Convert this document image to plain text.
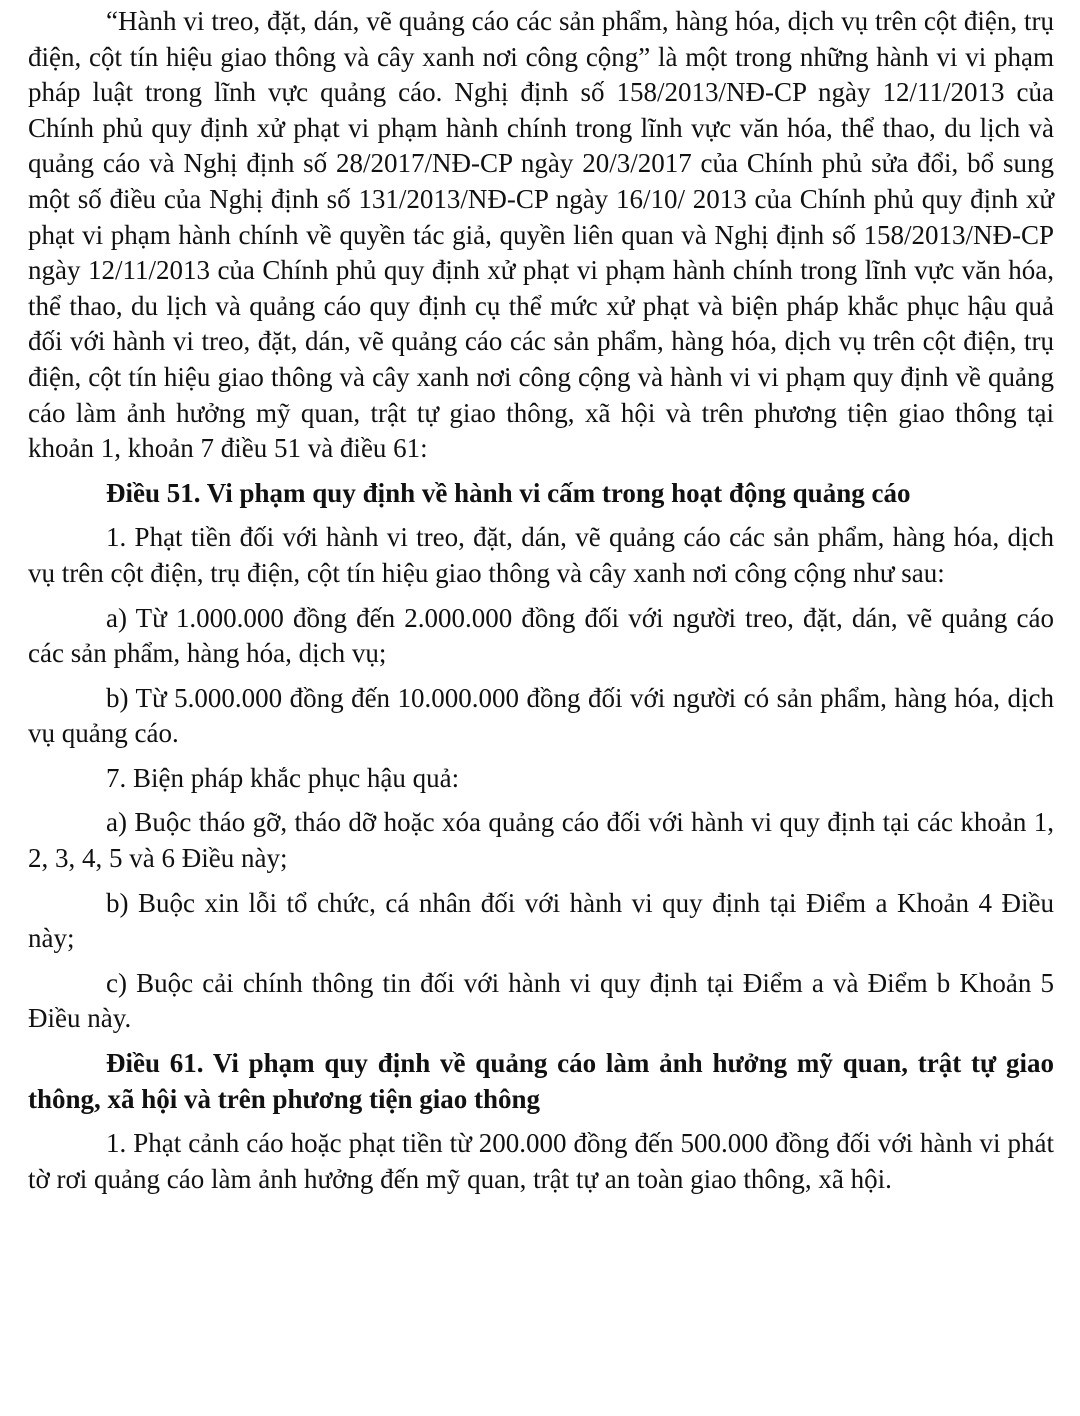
“Hành vi treo, đặt, dán, vẽ quảng cáo các sản phẩm, hàng hóa, dịch vụ trên cột điện, trụ điện, cột tín hiệu giao thông và cây xanh nơi công cộng” là một trong những hành vi vi phạm pháp luật trong lĩnh vực quảng cáo. Nghị định số 158/2013/NĐ-CP ngày 12/11/2013 của Chính phủ quy định xử phạt vi phạm hành chính trong lĩnh vực văn hóa, thể thao, du lịch và quảng cáo và Nghị định số 28/2017/NĐ-CP ngày 20/3/2017 của Chính phủ sửa đổi, bổ sung một số điều của Nghị định số 131/2013/NĐ-CP ngày 16/10/ 2013 của Chính phủ quy định xử phạt vi phạm hành chính về quyền tác giả, quyền liên quan và Nghị định số 158/2013/NĐ-CP ngày 12/11/2013 của Chính phủ quy định xử phạt vi phạm hành chính trong lĩnh vực văn hóa, thể thao, du lịch và quảng cáo quy định cụ thể mức xử phạt và biện pháp khắc phục hậu quả đối với hành vi treo, đặt, dán, vẽ quảng cáo các sản phẩm, hàng hóa, dịch vụ trên cột điện, trụ điện, cột tín hiệu giao thông và cây xanh nơi công cộng và hành vi vi phạm quy định về quảng cáo làm ảnh hưởng mỹ quan, trật tự giao thông, xã hội và trên phương tiện giao thông tại khoản 1, khoản 7 điều 51 và điều 61:

Điều 51. Vi phạm quy định về hành vi cấm trong hoạt động quảng cáo

1. Phạt tiền đối với hành vi treo, đặt, dán, vẽ quảng cáo các sản phẩm, hàng hóa, dịch vụ trên cột điện, trụ điện, cột tín hiệu giao thông và cây xanh nơi công cộng như sau:

a) Từ 1.000.000 đồng đến 2.000.000 đồng đối với người treo, đặt, dán, vẽ quảng cáo các sản phẩm, hàng hóa, dịch vụ;

b) Từ 5.000.000 đồng đến 10.000.000 đồng đối với người có sản phẩm, hàng hóa, dịch vụ quảng cáo.

7. Biện pháp khắc phục hậu quả:

a) Buộc tháo gỡ, tháo dỡ hoặc xóa quảng cáo đối với hành vi quy định tại các khoản 1, 2, 3, 4, 5 và 6 Điều này;

b) Buộc xin lỗi tổ chức, cá nhân đối với hành vi quy định tại Điểm a Khoản 4 Điều này;

c) Buộc cải chính thông tin đối với hành vi quy định tại Điểm a và Điểm b Khoản 5 Điều này.

Điều 61. Vi phạm quy định về quảng cáo làm ảnh hưởng mỹ quan, trật tự giao thông, xã hội và trên phương tiện giao thông

1. Phạt cảnh cáo hoặc phạt tiền từ 200.000 đồng đến 500.000 đồng đối với hành vi phát tờ rơi quảng cáo làm ảnh hưởng đến mỹ quan, trật tự an toàn giao thông, xã hội.
